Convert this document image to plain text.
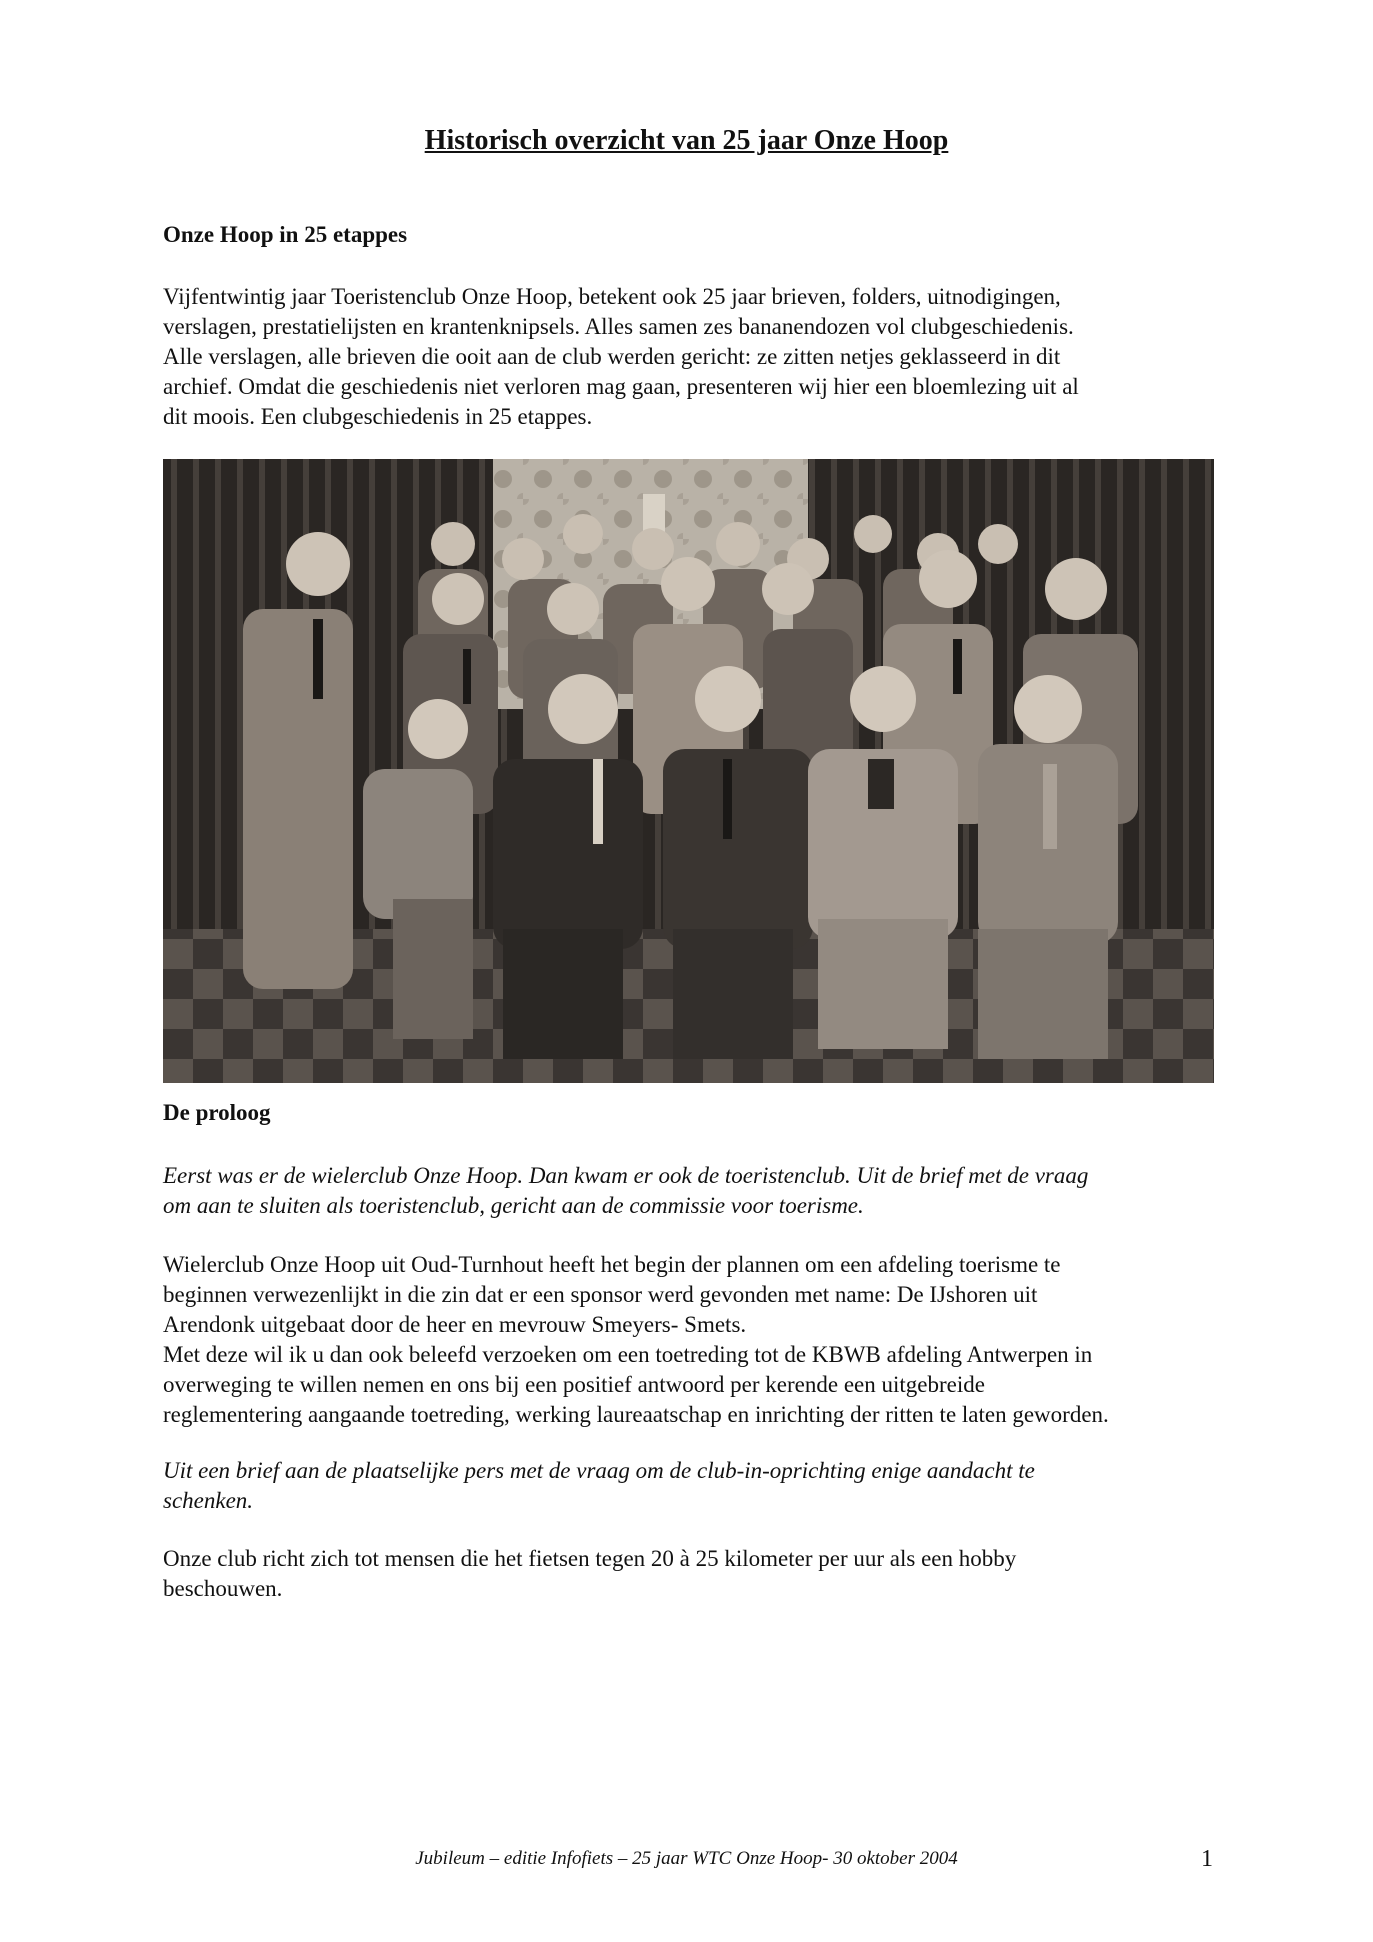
Historisch overzicht van 25 jaar Onze Hoop
Onze Hoop in 25 etappes

Vijfentwintig jaar Toeristenclub Onze Hoop, betekent ook 25 jaar brieven, folders, uitnodigingen,
verslagen, prestatielijsten en krantenknipsels. Alles samen zes bananendozen vol clubgeschiedenis.
Alle verslagen, alle brieven die ooit aan de club werden gericht: ze zitten netjes geklasseerd in dit
archief. Omdat die geschiedenis niet verloren mag gaan, presenteren wij hier een bloemlezing uit al
dit moois. Een clubgeschiedenis in 25 etappes.

De proloog

Eerst was er de wielerclub Onze Hoop. Dan kwam er ook de toeristenclub. Uit de brief met de vraag
om aan te sluiten als toeristenclub, gericht aan de commissie voor toerisme.

Wielerclub Onze Hoop uit Oud-Turnhout heeft het begin der plannen om een afdeling toerisme te
beginnen verwezenlijkt in die zin dat er een sponsor werd gevonden met name: De IJshoren uit
Arendonk uitgebaat door de heer en mevrouw Smeyers- Smets.
Met deze wil ik u dan ook beleefd verzoeken om een toetreding tot de KBWB afdeling Antwerpen in
overweging te willen nemen en ons bij een positief antwoord per kerende een uitgebreide
reglementering aangaande toetreding, werking laureaatschap en inrichting der ritten te laten geworden.

Uit een brief aan de plaatselijke pers met de vraag om de club-in-oprichting enige aandacht te
schenken.

Onze club richt zich tot mensen die het fietsen tegen 20 à 25 kilometer per uur als een hobby
beschouwen.

Jubileum – editie Infofiets – 25 jaar WTC Onze Hoop- 30 oktober 2004	1
